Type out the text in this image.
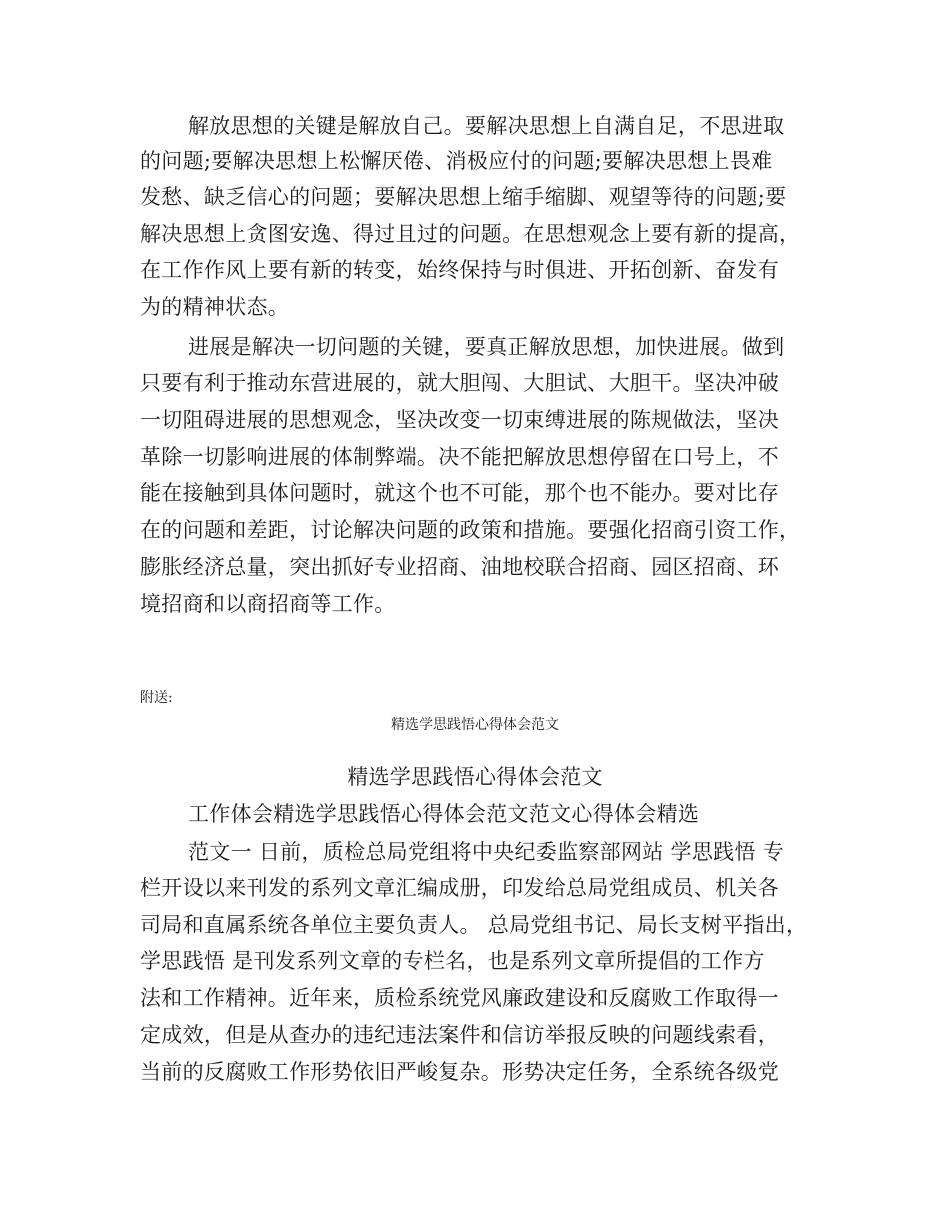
解放思想的关键是解放自己。要解决思想上自满自足，不思进取
的问题;要解决思想上松懈厌倦、消极应付的问题;要解决思想上畏难
发愁、缺乏信心的问题；要解决思想上缩手缩脚、观望等待的问题;要
解决思想上贪图安逸、得过且过的问题。在思想观念上要有新的提高，
在工作作风上要有新的转变，始终保持与时俱进、开拓创新、奋发有
为的精神状态。
进展是解决一切问题的关键，要真正解放思想，加快进展。做到
只要有利于推动东营进展的，就大胆闯、大胆试、大胆干。坚决冲破
一切阻碍进展的思想观念，坚决改变一切束缚进展的陈规做法，坚决
革除一切影响进展的体制弊端。决不能把解放思想停留在口号上，不
能在接触到具体问题时，就这个也不可能，那个也不能办。要对比存
在的问题和差距，讨论解决问题的政策和措施。要强化招商引资工作，
膨胀经济总量，突出抓好专业招商、油地校联合招商、园区招商、环
境招商和以商招商等工作。
附送:
精选学思践悟心得体会范文
精选学思践悟心得体会范文
工作体会精选学思践悟心得体会范文范文心得体会精选
范文一 日前，质检总局党组将中央纪委监察部网站 学思践悟 专
栏开设以来刊发的系列文章汇编成册，印发给总局党组成员、机关各
司局和直属系统各单位主要负责人。 总局党组书记、局长支树平指出，
学思践悟 是刊发系列文章的专栏名，也是系列文章所提倡的工作方
法和工作精神。近年来，质检系统党风廉政建设和反腐败工作取得一
定成效，但是从查办的违纪违法案件和信访举报反映的问题线索看，
当前的反腐败工作形势依旧严峻复杂。形势决定任务，全系统各级党
